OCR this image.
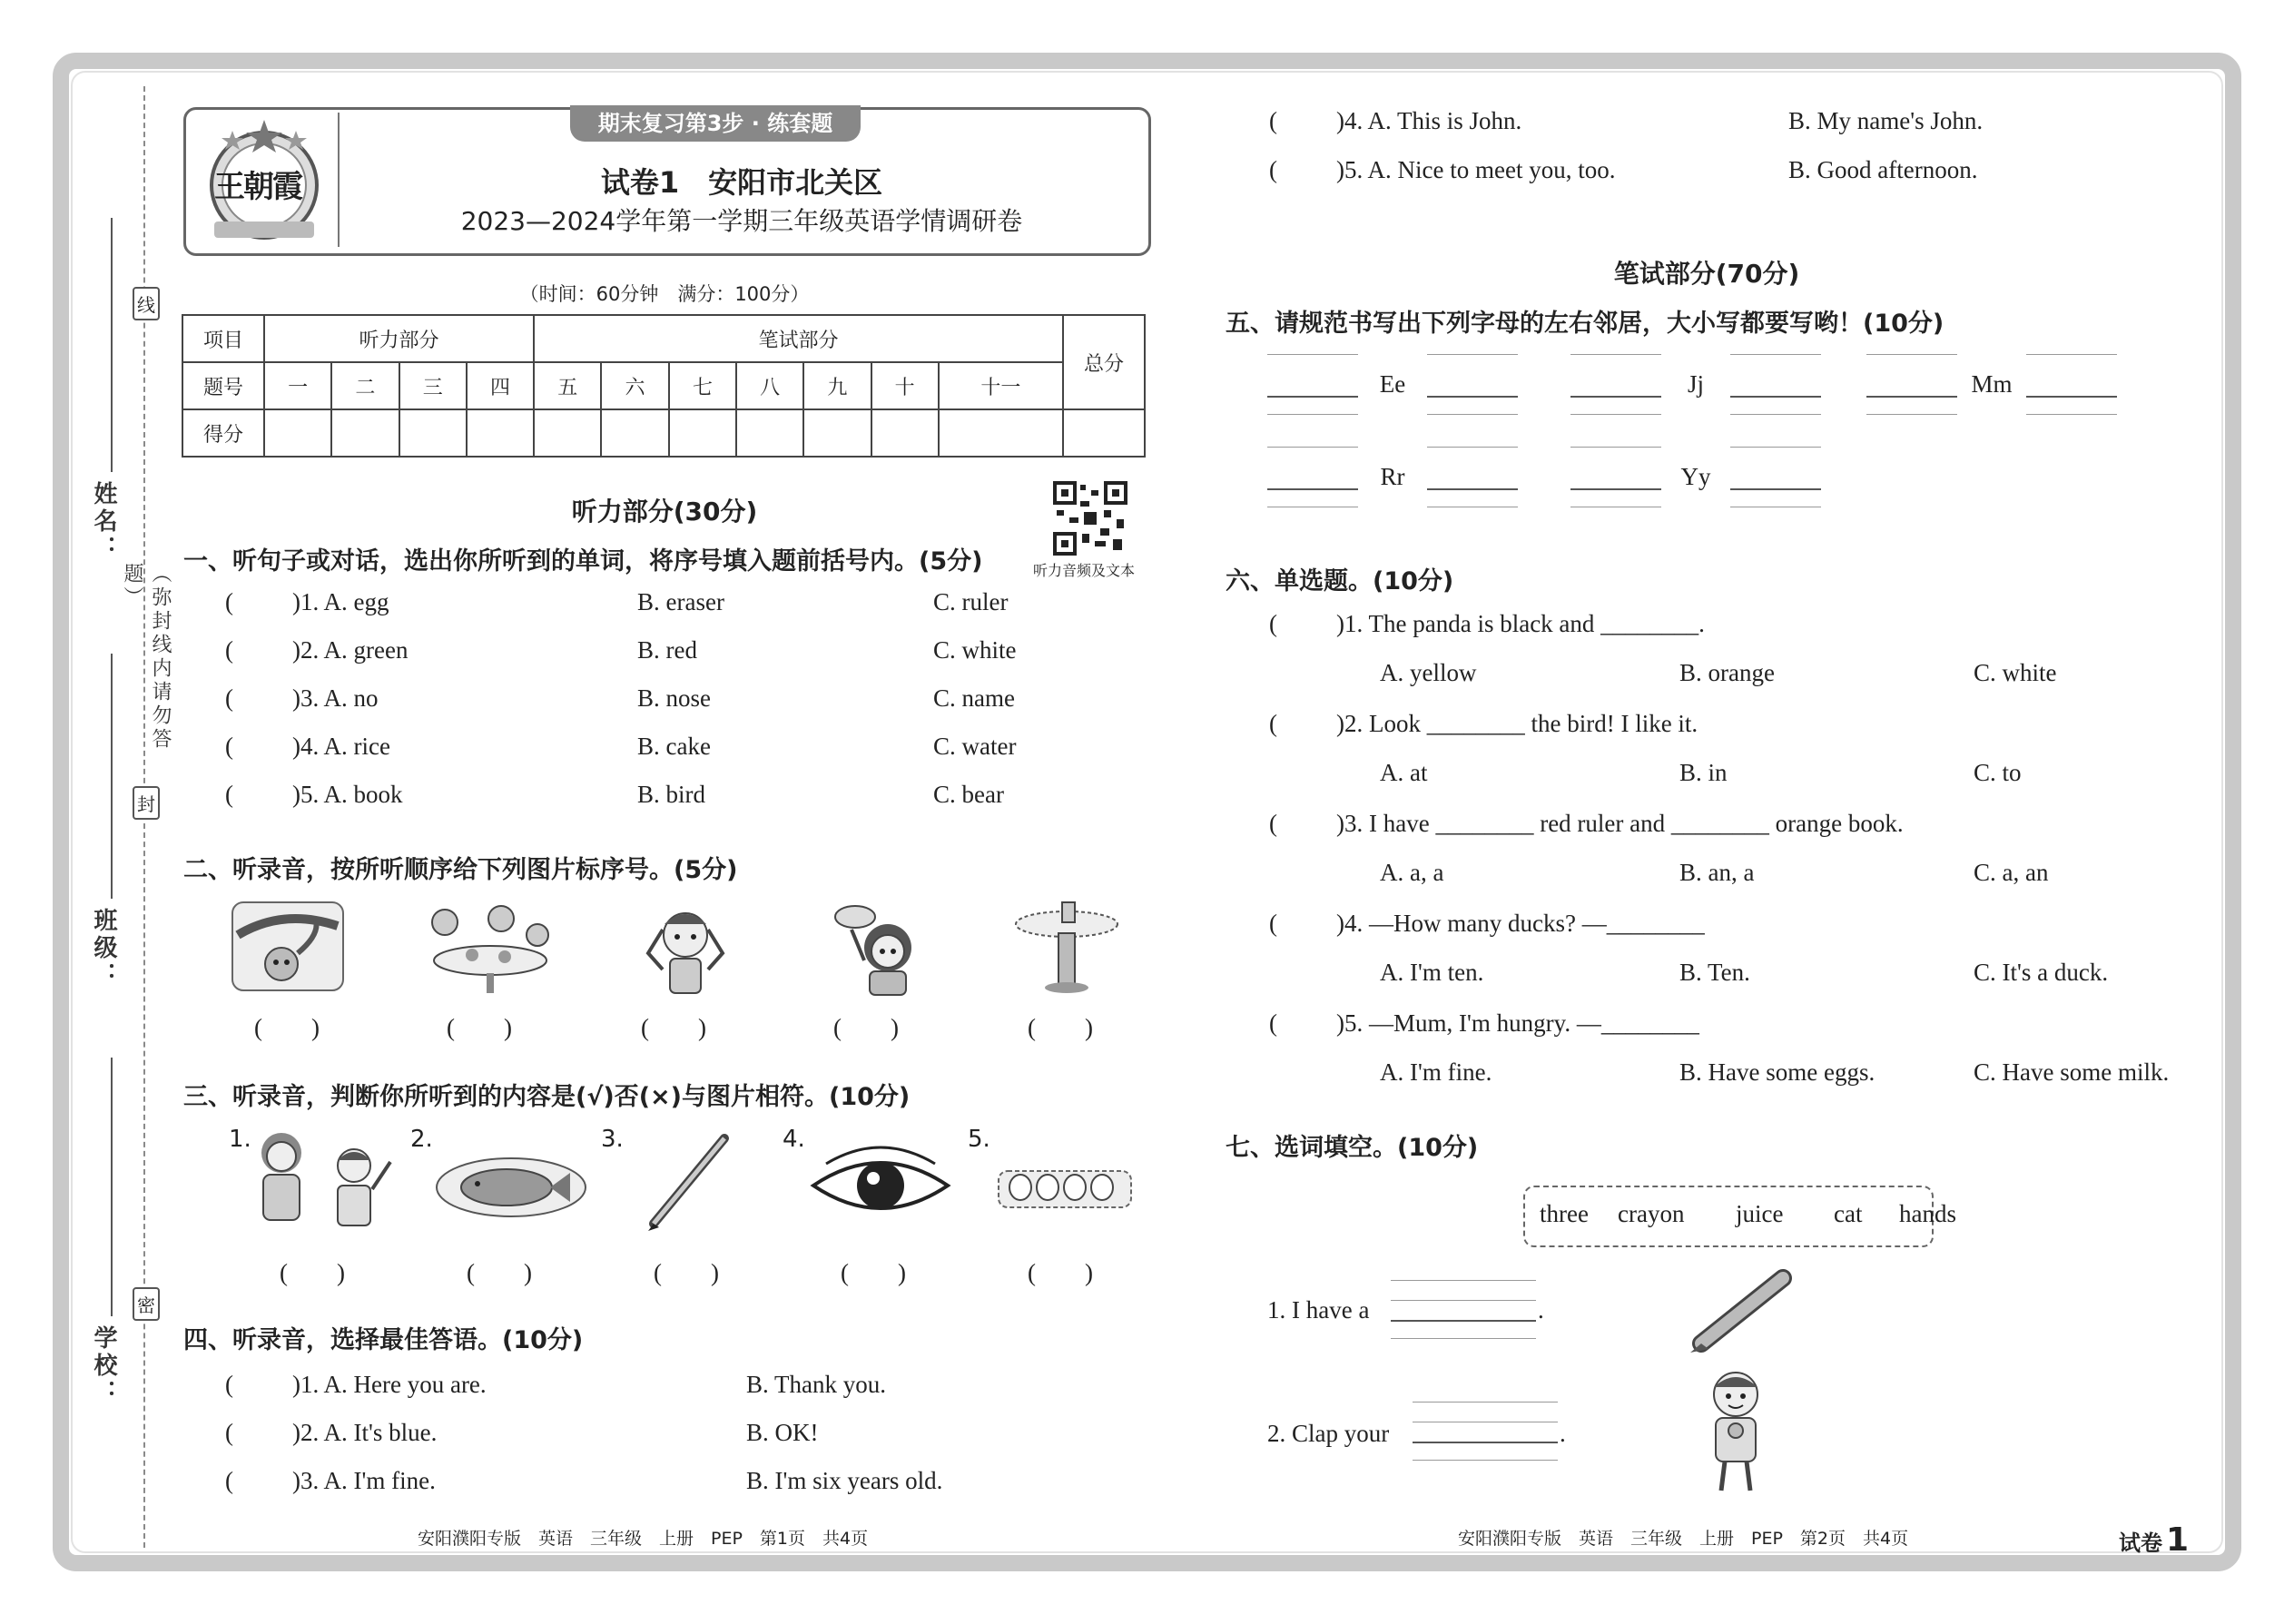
线
封
密
（弥封线内请勿答题）
姓名：
班级：
学校：
王朝霞
期末复习第3步 · 练套题
试卷1　安阳市北关区
2023—2024学年第一学期三年级英语学情调研卷
（时间：60分钟　满分：100分）
项目	听力部分				笔试部分							总分
题号	一	二	三	四	五	六	七	八	九	十	十一	
得分												
听力部分(30分)
听力音频及文本
一、听句子或对话，选出你所听到的单词，将序号填入题前括号内。(5分)
( )1. A. egg	B. eraser	C. ruler
( )2. A. green	B. red	C. white
( )3. A. no	B. nose	C. name
( )4. A. rice	B. cake	C. water
( )5. A. book	B. bird	C. bear
二、听录音，按所听顺序给下列图片标序号。(5分)
(　　)	(　　)	(　　)	(　　)	(　　)
三、听录音，判断你所听到的内容是(√)否(×)与图片相符。(10分)
1.	2.	3.	4.	5.
(　　)	(　　)	(　　)	(　　)	(　　)
四、听录音，选择最佳答语。(10分)
( )1. A. Here you are.	B. Thank you.
( )2. A. It's blue.	B. OK!
( )3. A. I'm fine.	B. I'm six years old.
( )4. A. This is John.	B. My name's John.
( )5. A. Nice to meet you, too.	B. Good afternoon.
笔试部分(70分)
五、请规范书写出下列字母的左右邻居，大小写都要写哟！(10分)
Ee	Jj	Mm
Rr	Yy
六、单选题。(10分)
( )1. The panda is black and ________.
A. yellow	B. orange	C. white
( )2. Look ________ the bird! I like it.
A. at	B. in	C. to
( )3. I have ________ red ruler and ________ orange book.
A. a, a	B. an, a	C. a, an
( )4. —How many ducks? —________
A. I'm ten.	B. Ten.	C. It's a duck.
( )5. —Mum, I'm hungry. —________
A. I'm fine.	B. Have some eggs.	C. Have some milk.
七、选词填空。(10分)
three crayon juice cat hands
1. I have a	.
2. Clap your	.
安阳濮阳专版　英语　三年级　上册　PEP　第1页　共4页	安阳濮阳专版　英语　三年级　上册　PEP　第2页　共4页	试卷 1
